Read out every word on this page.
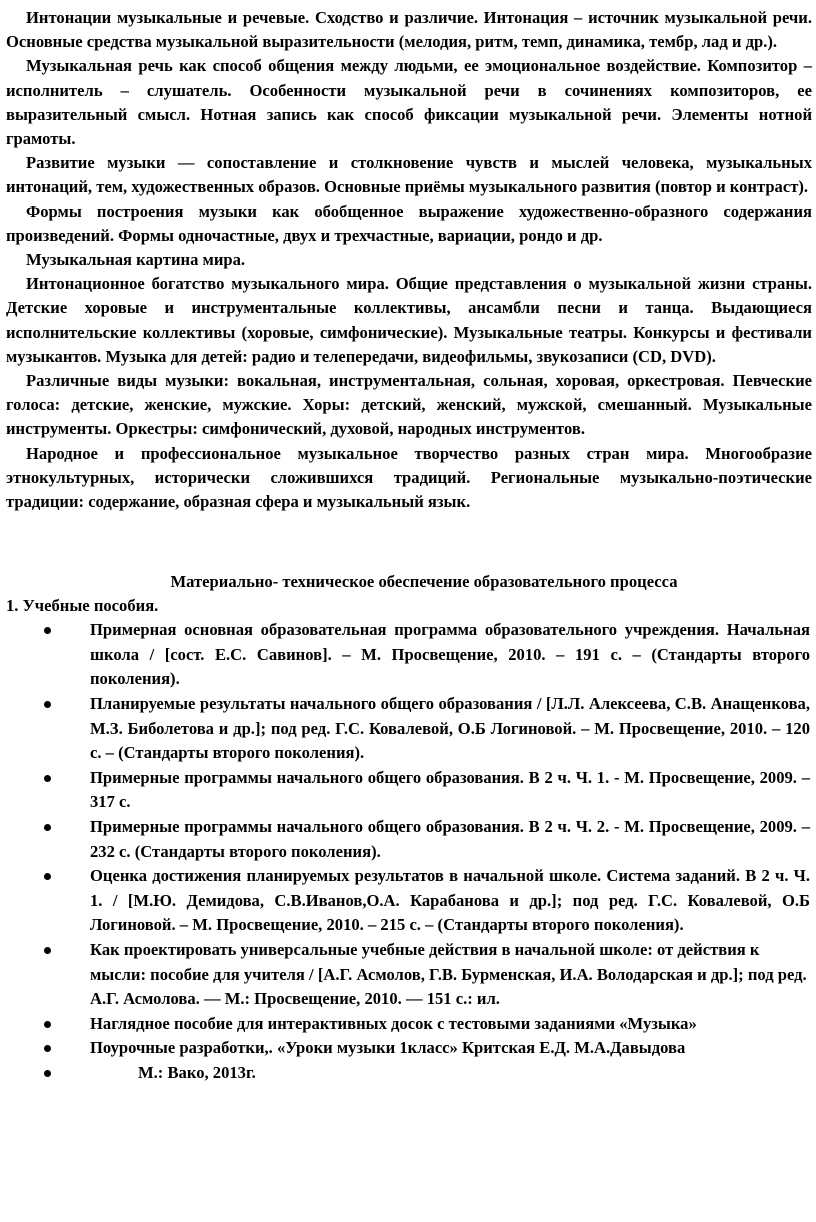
Интонации музыкальные и речевые. Сходство и различие. Интонация – источник музыкальной речи. Основные средства музыкальной выразительности (мелодия, ритм, темп, динамика, тембр, лад и др.).

Музыкальная речь как способ общения между людьми, ее эмоциональное воздействие. Композитор – исполнитель – слушатель. Особенности музыкальной речи в сочинениях композиторов, ее выразительный смысл. Нотная запись как способ фиксации музыкальной речи. Элементы нотной грамоты.

Развитие музыки — сопоставление и столкновение чувств и мыслей человека, музыкальных интонаций, тем, художественных образов. Основные приёмы музыкального развития (повтор и контраст).

Формы построения музыки как обобщенное выражение художественно-образного содержания произведений. Формы одночастные, двух и трехчастные, вариации, рондо и др.

Музыкальная картина мира.

Интонационное богатство музыкального мира. Общие представления о музыкальной жизни страны. Детские хоровые и инструментальные коллективы, ансамбли песни и танца. Выдающиеся исполнительские коллективы (хоровые, симфонические). Музыкальные театры. Конкурсы и фестивали музыкантов. Музыка для детей: радио и телепередачи, видеофильмы, звукозаписи (CD, DVD).

Различные виды музыки: вокальная, инструментальная, сольная, хоровая, оркестровая. Певческие голоса: детские, женские, мужские. Хоры: детский, женский, мужской, смешанный. Музыкальные инструменты. Оркестры: симфонический, духовой, народных инструментов.

Народное и профессиональное музыкальное творчество разных стран мира. Многообразие этнокультурных, исторически сложившихся традиций. Региональные музыкально-поэтические традиции: содержание, образная сфера и музыкальный язык.

Материально- техническое обеспечение образовательного процесса

1. Учебные пособия.

Примерная основная образовательная программа образовательного учреждения. Начальная школа / [сост. Е.С. Савинов]. – М. Просвещение, 2010. – 191 с. – (Стандарты второго поколения).
Планируемые результаты начального общего образования / [Л.Л. Алексеева, С.В. Анащенкова, М.З. Биболетова и др.]; под ред. Г.С. Ковалевой, О.Б Логиновой. – М. Просвещение, 2010. – 120 с. – (Стандарты второго поколения).
Примерные программы начального общего образования. В 2 ч. Ч. 1. - М. Просвещение, 2009. – 317 с.
Примерные программы начального общего образования. В 2 ч. Ч. 2. - М. Просвещение, 2009. – 232 с. (Стандарты второго поколения).
Оценка достижения планируемых результатов в начальной школе. Система заданий. В 2 ч. Ч. 1. / [М.Ю. Демидова, С.В.Иванов,О.А. Карабанова и др.]; под ред. Г.С. Ковалевой, О.Б Логиновой. – М. Просвещение, 2010. – 215 с. – (Стандарты второго поколения).
Как проектировать универсальные учебные действия в начальной школе: от действия к мысли: пособие для учителя / [А.Г. Асмолов, Г.В. Бурменская, И.А. Володарская и др.]; под ред. А.Г. Асмолова. — М.: Просвещение, 2010. — 151 с.: ил.
Наглядное пособие для интерактивных досок с тестовыми заданиями «Музыка»
Поурочные разработки,. «Уроки музыки 1класс» Критская Е.Д. М.А.Давыдова
М.: Вако, 2013г.
